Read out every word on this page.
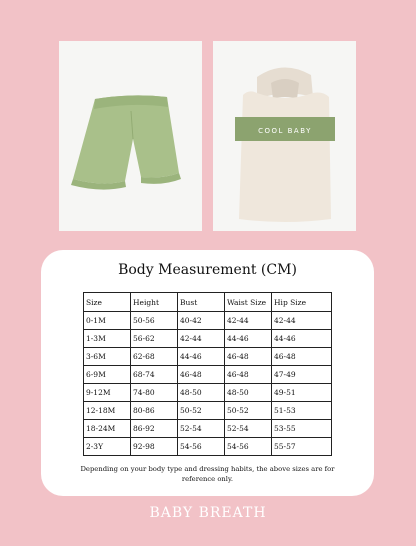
COOL BABY
Body Measurement (CM)
Size	Height	Bust	Waist Size	Hip Size
0-1M	50-56	40-42	42-44	42-44
1-3M	56-62	42-44	44-46	44-46
3-6M	62-68	44-46	46-48	46-48
6-9M	68-74	46-48	46-48	47-49
9-12M	74-80	48-50	48-50	49-51
12-18M	80-86	50-52	50-52	51-53
18-24M	86-92	52-54	52-54	53-55
2-3Y	92-98	54-56	54-56	55-57
Depending on your body type and dressing habits, the above sizes are for reference only.
BABY BREATH
